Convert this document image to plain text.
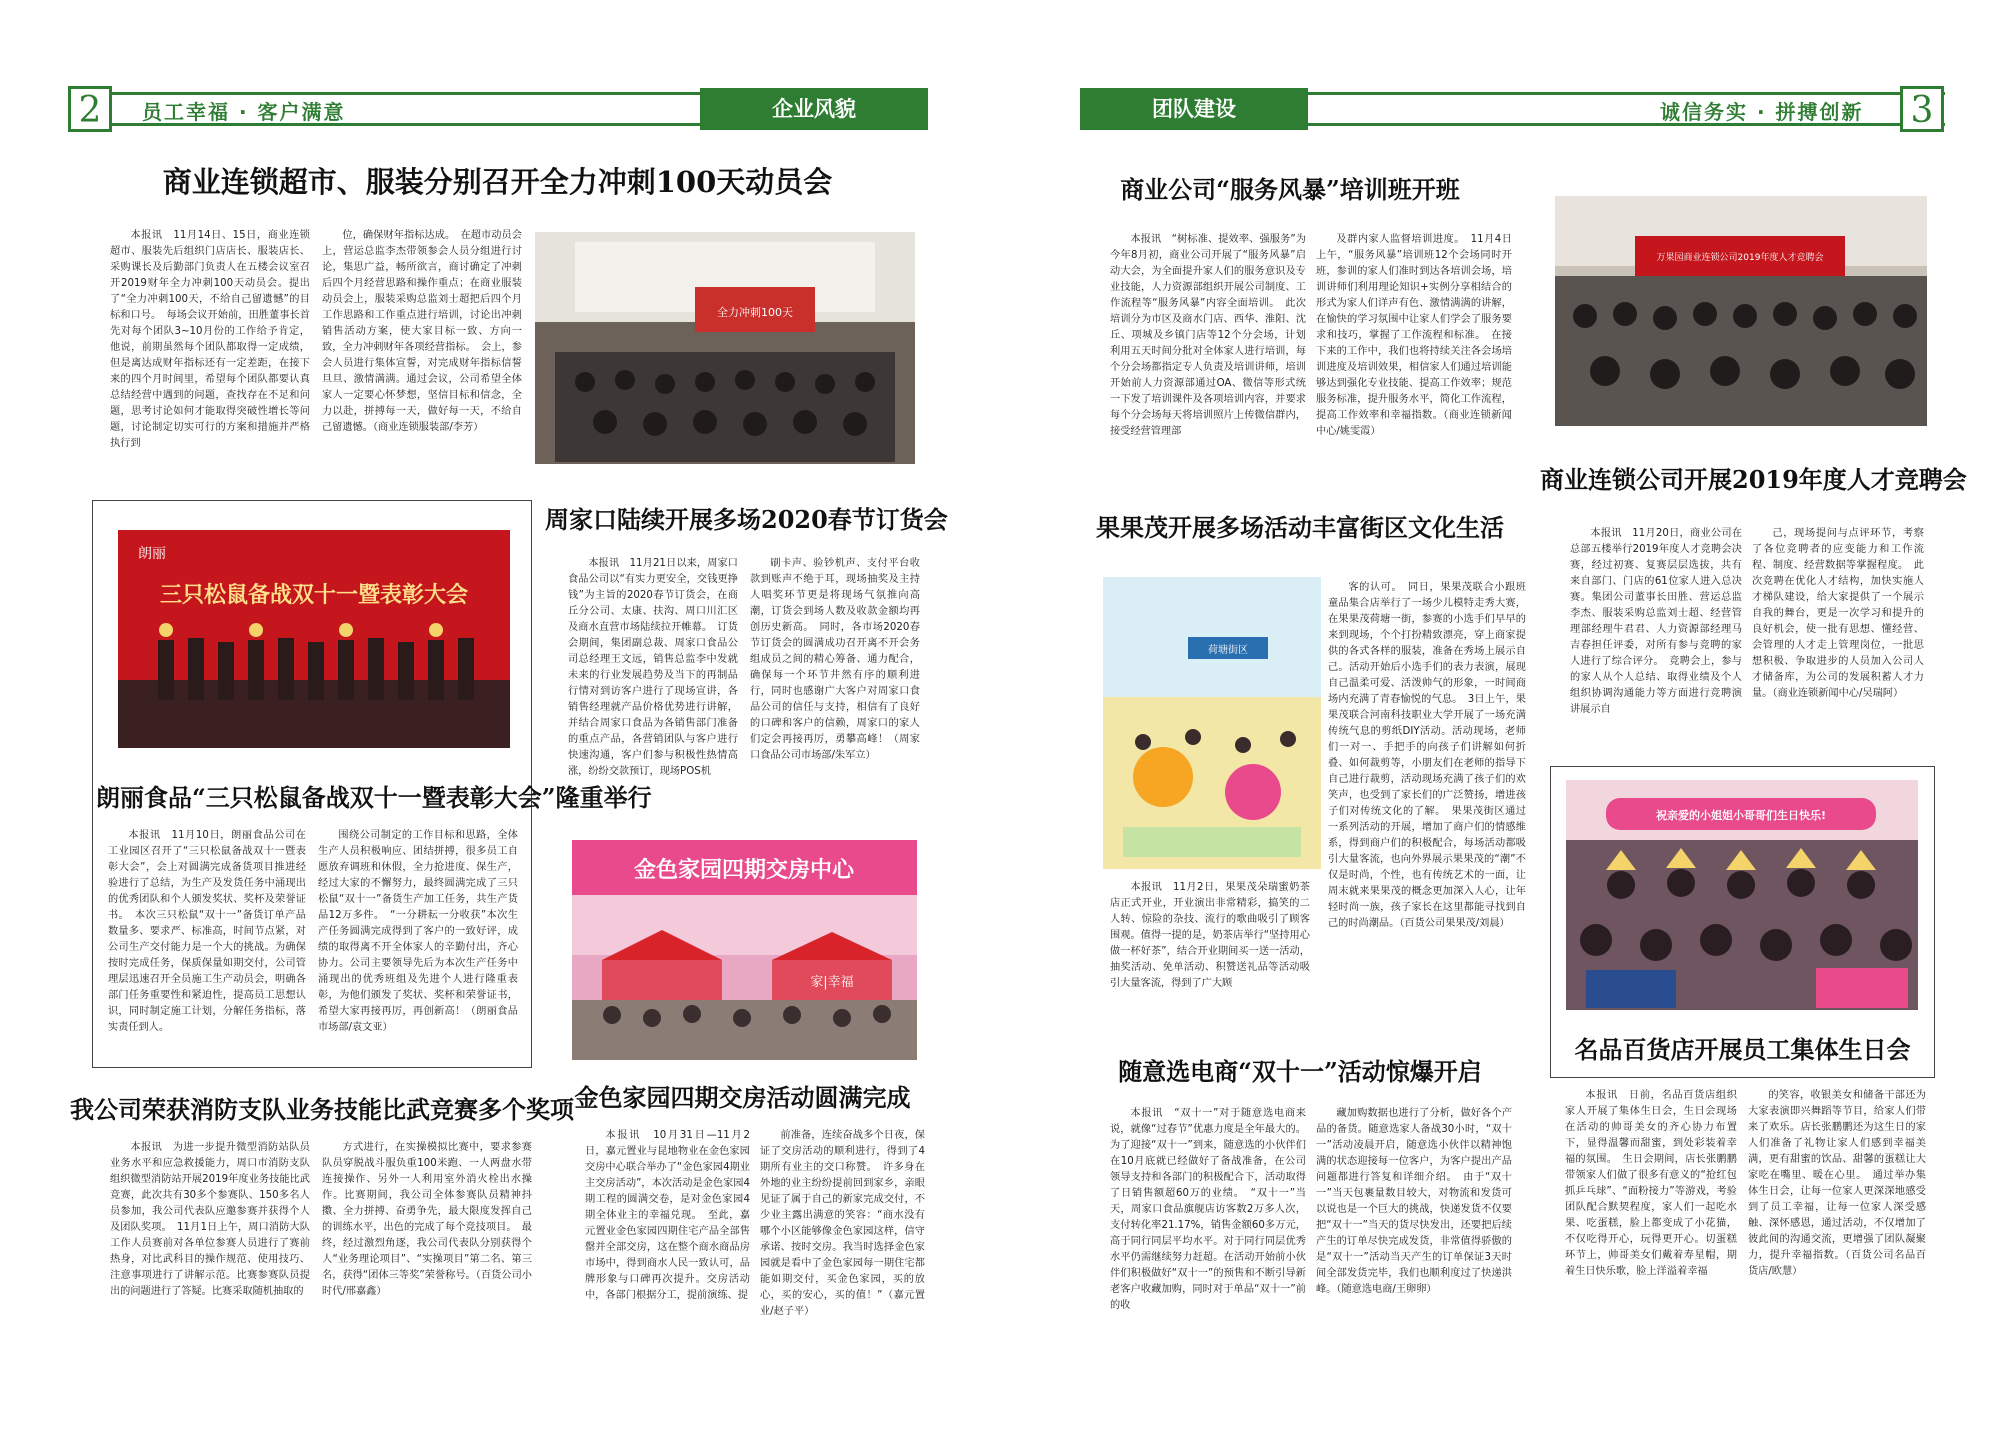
2	员工幸福 · 客户满意	企业风貌	团队建设	诚信务实 · 拼搏创新 3
商业连锁超市、服装分别召开全力冲刺100天动员会

本报讯　11月14日、15日，商业连锁超市、服装先后组织门店店长、服装店长、采购课长及后勤部门负责人在五楼会议室召开2019财年全力冲刺100天动员会。提出了“全力冲刺100天，不给自己留遗憾”的目标和口号。　每场会议开始前，田胜董事长首先对每个团队3~10月份的工作给予肯定，他说，前期虽然每个团队都取得一定成绩，但是离达成财年指标还有一定差距，在接下来的四个月时间里，希望每个团队都要认真总结经营中遇到的问题，查找存在不足和问题，思考讨论如何才能取得突破性增长等问题，讨论制定切实可行的方案和措施并严格执行到

位，确保财年指标达成。　在超市动员会上，营运总监李杰带领参会人员分组进行讨论，集思广益，畅所欲言，商讨确定了冲刺后四个月经营思路和操作重点；在商业服装动员会上，服装采购总监刘士超把后四个月工作思路和工作重点进行培训，讨论出冲刺销售活动方案，使大家目标一致、方向一致，全力冲刺财年各项经营指标。　会上，参会人员进行集体宣誓，对完成财年指标信誓旦旦、激情满满。通过会议，公司希望全体家人一定要心怀梦想，坚信目标和信念，全力以赴，拼搏每一天，做好每一天，不给自己留遗憾。（商业连锁服装部/李芳）

全力冲刺100天
朗丽
三只松鼠备战双十一暨表彰大会
朗丽食品“三只松鼠备战双十一暨表彰大会”隆重举行

本报讯　11月10日，朗丽食品公司在工业园区召开了“三只松鼠备战双十一暨表彰大会”，会上对圆满完成备货项目推进经验进行了总结，为生产及发货任务中涌现出的优秀团队和个人颁发奖状、奖杯及荣誉证书。　本次三只松鼠“双十一”备货订单产品数量多、要求严、标准高，时间节点紧，对公司生产交付能力是一个大的挑战。为确保按时完成任务，保质保量如期交付，公司管理层迅速召开全员施工生产动员会，明确各部门任务重要性和紧迫性，提高员工思想认识，同时制定施工计划，分解任务指标，落实责任到人。

围绕公司制定的工作目标和思路，全体生产人员积极响应、团结拼搏，很多员工自愿放弃调班和休假，全力抢进度、保生产，经过大家的不懈努力，最终圆满完成了三只松鼠“双十一”备货生产加工任务，共生产货品12万多件。　“一分耕耘一分收获”本次生产任务圆满完成得到了客户的一致好评，成绩的取得离不开全体家人的辛勤付出，齐心协力。公司主要领导先后为本次生产任务中涌现出的优秀班组及先进个人进行隆重表彰，为他们颁发了奖状、奖杯和荣誉证书，希望大家再接再厉，再创新高！（朗丽食品市场部/袁文亚）

周家口陆续开展多场2020春节订货会

本报讯　11月21日以来，周家口食品公司以“有实力更安全，交钱更挣钱”为主旨的2020春节订货会，在商丘分公司、太康、扶沟、周口川汇区及商水直营市场陆续拉开帷幕。　订货会期间，集团副总裁、周家口食品公司总经理王文远，销售总监李中发就未来的行业发展趋势及当下的再制品行情对到访客户进行了现场宣讲，各销售经理就产品价格优势进行讲解，并结合周家口食品为各销售部门准备的重点产品，各营销团队与客户进行快速沟通，客户们参与积极性热情高涨，纷纷交款预订，现场POS机

刷卡声、验钞机声、支付平台收款到账声不绝于耳，现场抽奖及主持人唱奖环节更是将现场气氛推向高潮，订货会到场人数及收款金额均再创历史新高。　同时，各市场2020春节订货会的圆满成功召开离不开会务组成员之间的精心筹备、通力配合，确保每一个环节井然有序的顺利进行，同时也感谢广大客户对周家口食品公司的信任与支持，相信有了良好的口碑和客户的信赖，周家口的家人们定会再接再厉，勇攀高峰！（周家口食品公司市场部/朱军立）

金色家园四期交房中心
家|幸福
金色家园四期交房活动圆满完成

本报讯　10月31日—11月2日，嘉元置业与昆地物业在金色家园交房中心联合举办了“金色家园4期业主交房活动”，本次活动是金色家园4期工程的圆满交卷，是对金色家园4期全体业主的幸福兑现。　至此，嘉元置业金色家园四期住宅产品全部售罄并全部交房，这在整个商水商品房市场中，得到商水人民一致认可，品牌形象与口碑再次提升。交房活动中，各部门根据分工，提前演练、提

前准备，连续奋战多个日夜，保证了交房活动的顺利进行，得到了4期所有业主的交口称赞。　许多身在外地的业主纷纷提前回到家乡，亲眼见证了属于自己的新家完成交付，不少业主露出满意的笑容：“商水没有哪个小区能够像金色家园这样，信守承诺、按时交房。我当时选择金色家园就是看中了金色家园每一期住宅都能如期交付，买金色家园，买的放心，买的安心，买的值！”（嘉元置业/赵子平）

我公司荣获消防支队业务技能比武竞赛多个奖项

本报讯　为进一步提升微型消防站队员业务水平和应急救援能力，周口市消防支队组织微型消防站开展2019年度业务技能比武竞赛，此次共有30多个参赛队、150多名人员参加，我公司代表队应邀参赛并获得个人及团队奖项。　11月1日上午，周口消防大队工作人员赛前对各单位参赛人员进行了赛前热身，对比武科目的操作规范、使用技巧、注意事项进行了讲解示范。比赛参赛队员提出的问题进行了答疑。比赛采取随机抽取的

方式进行，在实操模拟比赛中，要求参赛队员穿脱战斗服负重100米跑、一人两盘水带连接操作、另外一人利用室外消火栓出水操作。比赛期间，我公司全体参赛队员精神抖擞、全力拼搏、奋勇争先，最大限度发挥自己的训练水平，出色的完成了每个竞技项目。　最终，经过激烈角逐，我公司代表队分别获得个人“业务理论项目”、“实操项目”第二名、第三名，获得“团体三等奖”荣誉称号。（百货公司小时代/邢嘉鑫）

商业公司“服务风暴”培训班开班

本报讯　“树标准、提效率、强服务”为今年8月初，商业公司开展了“服务风暴”启动大会，为全面提升家人们的服务意识及专业技能，人力资源部组织开展公司制度、工作流程等“服务风暴”内容全面培训。　此次培训分为市区及商水门店、西华、淮阳、沈丘、项城及乡镇门店等12个分会场，计划利用五天时间分批对全体家人进行培训，每个分会场都指定专人负责及培训讲师，培训开始前人力资源部通过OA、微信等形式统一下发了培训课件及各项培训内容，并要求每个分会场每天将培训照片上传微信群内，接受经营管理部

及群内家人监督培训进度。　11月4日上午，“服务风暴”培训班12个会场同时开班，参训的家人们准时到达各培训会场，培训讲师们利用理论知识+实例分享相结合的形式为家人们详声有色、激情满满的讲解，在愉快的学习氛围中让家人们学会了服务要求和技巧，掌握了工作流程和标准。　在接下来的工作中，我们也将持续关注各会场培训进度及培训效果，相信家人们通过培训能够达到强化专业技能、提高工作效率；规范服务标准，提升服务水平，简化工作流程，提高工作效率和幸福指数。（商业连锁新闻中心/姚雯霞）

万果园商业连锁公司2019年度人才竞聘会
商业连锁公司开展2019年度人才竞聘会

本报讯　11月20日，商业公司在总部五楼举行2019年度人才竞聘会决赛，经过初赛、复赛层层选拔，共有来自部门、门店的61位家人进入总决赛。集团公司董事长田胜、营运总监李杰、服装采购总监刘士超、经营管理部经理牛君君、人力资源部经理马吉春担任评委，对所有参与竞聘的家人进行了综合评分。　竞聘会上，参与的家人从个人总结、取得业绩及个人组织协调沟通能力等方面进行竞聘演讲展示自

己，现场提问与点评环节，考察了各位竞聘者的应变能力和工作流程、制度、经营数据等掌握程度。　此次竞聘在优化人才结构，加快实施人才梯队建设，给大家提供了一个展示自我的舞台，更是一次学习和提升的良好机会，使一批有思想、懂经营、会管理的人才走上管理岗位，一批思想积极、争取进步的人员加入公司人才储备库，为公司的发展积蓄人才力量。（商业连锁新闻中心/吴瑞阿）

果果茂开展多场活动丰富街区文化生活
荷塘街区

本报讯　11月2日，果果茂朵瑞蜜奶茶店正式开业，开业演出非常精彩，搞笑的二人转、惊险的杂技、流行的歌曲吸引了顾客围观。值得一提的是，奶茶店举行“坚持用心做一杯好茶”，结合开业期间买一送一活动，抽奖活动、免单活动、积赞送礼品等活动吸引大量客流，得到了广大顾

客的认可。　同日，果果茂联合小跟班童品集合店举行了一场少儿模特走秀大赛，在果果茂荷塘一街，参赛的小选手们早早的来到现场，个个打扮精致漂亮，穿上商家提供的各式各样的服装，准备在秀场上展示自己。活动开始后小选手们的表力表演，展现自己温柔可爱、活泼帅气的形象，一时间商场内充满了青春愉悦的气息。　3日上午，果果茂联合河南科技职业大学开展了一场充满传统气息的剪纸DIY活动。活动现场，老师们一对一、手把手的向孩子们讲解如何折叠、如何裁剪等，小朋友们在老师的指导下自己进行裁剪，活动现场充满了孩子们的欢笑声，也受到了家长们的广泛赞扬，增进孩子们对传统文化的了解。　果果茂街区通过一系列活动的开展，增加了商户们的情感维系，得到商户们的积极配合，每场活动都吸引大量客流，也向外界展示果果茂的“潮”不仅是时尚，个性，也有传统艺术的一面，让周末就来果果茂的概念更加深入人心，让年轻时尚一族，孩子家长在这里都能寻找到自己的时尚潮品。（百货公司果果茂/刘晨）

祝亲爱的小姐姐小哥哥们生日快乐!
名品百货店开展员工集体生日会

本报讯　日前，名品百货店组织家人开展了集体生日会，生日会现场在活动的帅哥美女的齐心协力布置下，显得温馨而甜蜜，到处彩装着幸福的氛围。　生日会期间，店长张鹏鹏带领家人们做了很多有意义的“抢红包抓乒乓球”、“面粉接力”等游戏，考验团队配合默契程度，家人们一起吃水果、吃蛋糕，脸上都变成了小花猫，不仅吃得开心，玩得更开心。切蛋糕环节上，帅哥美女们戴着寿星帽，期着生日快乐歌，脸上洋溢着幸福

的笑容，收银美女和储备干部还为大家表演即兴舞蹈等节目，给家人们带来了欢乐。店长张鹏鹏还为这生日的家人们准备了礼物让家人们感到幸福美满，更有甜蜜的饮品、甜馨的蛋糕让大家吃在嘴里、暖在心里。　通过举办集体生日会，让每一位家人更深深地感受到了员工幸福，让每一位家人深受感触、深怀感恩，通过活动，不仅增加了彼此间的沟通交流，更增强了团队凝聚力，提升幸福指数。（百货公司名品百货店/欧慧）

随意选电商“双十一”活动惊爆开启

本报讯　“双十一”对于随意选电商来说，就像“过春节”优惠力度是全年最大的。为了迎接“双十一”到来，随意选的小伙伴们在10月底就已经做好了备战准备，在公司领导支持和各部门的积极配合下，活动取得了日销售额超60万的业绩。　“双十一”当天，周家口食品旗舰店访客数2万多人次，支付转化率21.17%，销售金额60多万元，高于同行同层平均水平。对于同行同层优秀水平仍需继续努力赶超。在活动开始前小伙伴们积极做好“双十一”的预售和不断引导新老客户收藏加购，同时对于单品“双十一”前的收

藏加购数据也进行了分析，做好各个产品的备货。随意选家人备战30小时，“双十一”活动凌晨开启，随意选小伙伴以精神饱满的状态迎接每一位客户，为客户提出产品问题都进行答复和详细介绍。　由于“双十一”当天包裹量数目较大，对物流和发货可以说也是一个巨大的挑战，快递发货不仅要把“双十一”当天的货尽快发出，还要把后续产生的订单尽快完成发货，非常值得骄傲的是“双十一”活动当天产生的订单保证3天时间全部发货完毕，我们也顺利度过了快递洪峰。（随意选电商/王卵卵）
